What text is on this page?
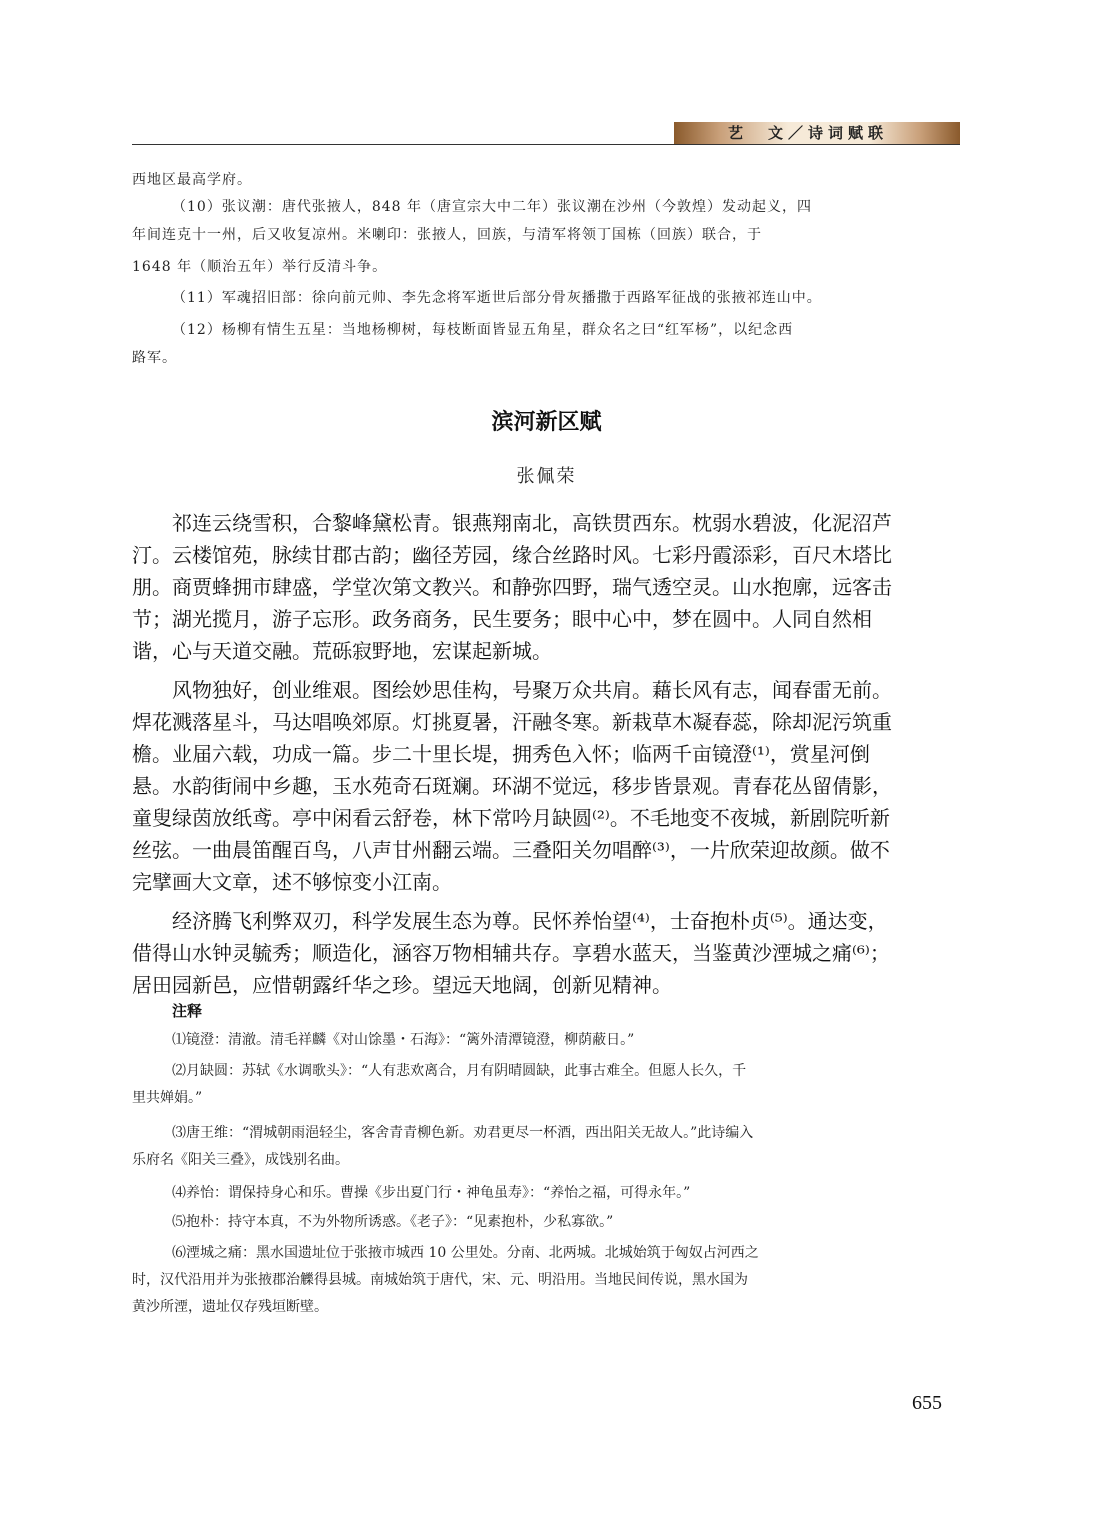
艺　文／诗词赋联
西地区最高学府。
（10）张议潮：唐代张掖人，848 年（唐宣宗大中二年）张议潮在沙州（今敦煌）发动起义，四
年间连克十一州，后又收复凉州。米喇印：张掖人，回族，与清军将领丁国栋（回族）联合，于
1648 年（顺治五年）举行反清斗争。
（11）军魂招旧部：徐向前元帅、李先念将军逝世后部分骨灰播撒于西路军征战的张掖祁连山中。
（12）杨柳有情生五星：当地杨柳树，每枝断面皆显五角星，群众名之曰“红军杨”，以纪念西
路军。
滨河新区赋
张佩荣
祁连云绕雪积，合黎峰黛松青。银燕翔南北，高铁贯西东。枕弱水碧波，化泥沼芦
汀。云楼馆苑，脉续甘郡古韵；幽径芳园，缘合丝路时风。七彩丹霞添彩，百尺木塔比
朋。商贾蜂拥市肆盛，学堂次第文教兴。和静弥四野，瑞气透空灵。山水抱廓，远客击
节；湖光揽月，游子忘形。政务商务，民生要务；眼中心中，梦在圆中。人同自然相
谐，心与天道交融。荒砾寂野地，宏谋起新城。
风物独好，创业维艰。图绘妙思佳构，号聚万众共肩。藉长风有志，闻春雷无前。
焊花溅落星斗，马达唱唤郊原。灯挑夏暑，汗融冬寒。新栽草木凝春蕊，除却泥污筑重
檐。业届六载，功成一篇。步二十里长堤，拥秀色入怀；临两千亩镜澄⁽¹⁾，赏星河倒
悬。水韵街闹中乡趣，玉水苑奇石斑斓。环湖不觉远，移步皆景观。青春花丛留倩影，
童叟绿茵放纸鸢。亭中闲看云舒卷，林下常吟月缺圆⁽²⁾。不毛地变不夜城，新剧院听新
丝弦。一曲晨笛醒百鸟，八声甘州翻云端。三叠阳关勿唱醉⁽³⁾，一片欣荣迎故颜。做不
完擘画大文章，述不够惊变小江南。
经济腾飞利弊双刃，科学发展生态为尊。民怀养怡望⁽⁴⁾，士奋抱朴贞⁽⁵⁾。通达变，
借得山水钟灵毓秀；顺造化，涵容万物相辅共存。享碧水蓝天，当鉴黄沙湮城之痛⁽⁶⁾；
居田园新邑，应惜朝露纤华之珍。望远天地阔，创新见精神。
注释
⑴镜澄：清澈。清毛祥麟《对山馀墨・石海》：“篱外清潭镜澄，柳荫蔽日。”
⑵月缺圆：苏轼《水调歌头》：“人有悲欢离合，月有阴晴圆缺，此事古难全。但愿人长久，千
里共婵娟。”
⑶唐王维：“渭城朝雨浥轻尘，客舍青青柳色新。劝君更尽一杯酒，西出阳关无故人。”此诗编入
乐府名《阳关三叠》，成饯别名曲。
⑷养怡：谓保持身心和乐。曹操《步出夏门行・神龟虽寿》：“养怡之福，可得永年。”
⑸抱朴：持守本真，不为外物所诱惑。《老子》：“见素抱朴，少私寡欲。”
⑹湮城之痛：黑水国遗址位于张掖市城西 10 公里处。分南、北两城。北城始筑于匈奴占河西之
时，汉代沿用并为张掖郡治觻得县城。南城始筑于唐代，宋、元、明沿用。当地民间传说，黑水国为
黄沙所湮，遗址仅存残垣断壁。
655
